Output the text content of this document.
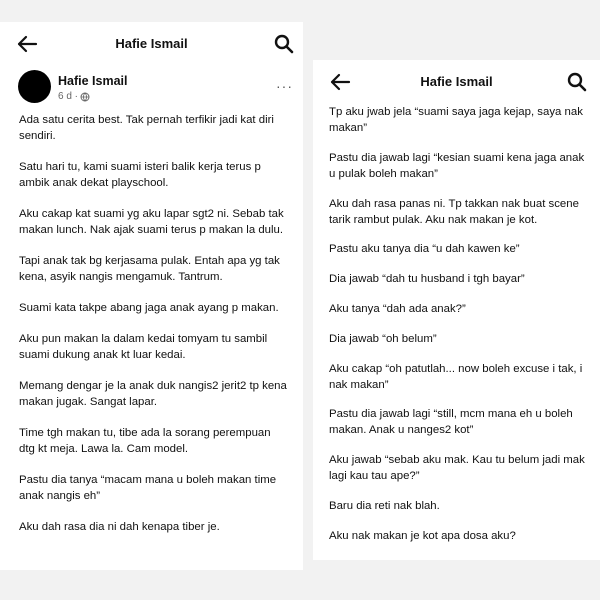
Hafie Ismail
Hafie Ismail
6 d ·
···

Ada satu cerita best. Tak pernah terfikir jadi kat diri sendiri.

Satu hari tu, kami suami isteri balik kerja terus p ambik anak dekat playschool.

Aku cakap kat suami yg aku lapar sgt2 ni. Sebab tak makan lunch. Nak ajak suami terus p makan la dulu.

Tapi anak tak bg kerjasama pulak. Entah apa yg tak kena, asyik nangis mengamuk. Tantrum.

Suami kata takpe abang jaga anak ayang p makan.

Aku pun makan la dalam kedai tomyam tu sambil suami dukung anak kt luar kedai.

Memang dengar je la anak duk nangis2 jerit2 tp kena makan jugak. Sangat lapar.

Time tgh makan tu, tibe ada la sorang perempuan dtg kt meja. Lawa la. Cam model.

Pastu dia tanya “macam mana u boleh makan time anak nangis eh”

Aku dah rasa dia ni dah kenapa tiber je.

Hafie Ismail

Tp aku jwab jela “suami saya jaga kejap, saya nak makan”

Pastu dia jawab lagi “kesian suami kena jaga anak u pulak boleh makan”

Aku dah rasa panas ni. Tp takkan nak buat scene tarik rambut pulak. Aku nak makan je kot.

Pastu aku tanya dia “u dah kawen ke”

Dia jawab “dah tu husband i tgh bayar”

Aku tanya “dah ada anak?”

Dia jawab “oh belum”

Aku cakap “oh patutlah... now boleh excuse i tak, i nak makan”

Pastu dia jawab lagi “still, mcm mana eh u boleh makan. Anak u nanges2 kot”

Aku jawab “sebab aku mak. Kau tu belum jadi mak lagi kau tau ape?”

Baru dia reti nak blah.

Aku nak makan je kot apa dosa aku?
